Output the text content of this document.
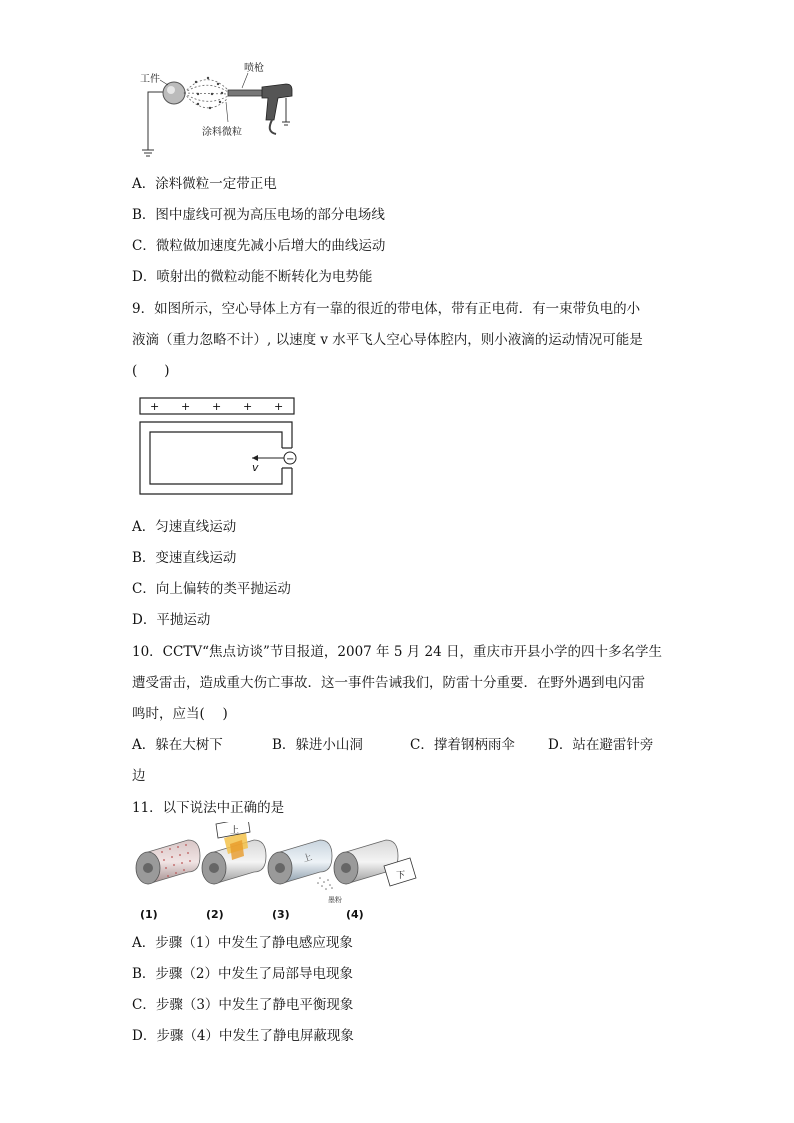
工件
喷枪
涂料微粒
A．涂料微粒一定带正电
B．图中虚线可视为高压电场的部分电场线
C．微粒做加速度先减小后增大的曲线运动
D．喷射出的微粒动能不断转化为电势能
9．如图所示，空心导体上方有一靠的很近的带电体，带有正电荷．有一束带负电的小
液滴（重力忽略不计）, 以速度 v 水平飞人空心导体腔内，则小液滴的运动情况可能是
(　　)
+ + + + +
−
v
A．匀速直线运动
B．变速直线运动
C．向上偏转的类平抛运动
D．平抛运动
10．CCTV“焦点访谈”节目报道，2007 年 5 月 24 日，重庆市开县小学的四十多名学生
遭受雷击，造成重大伤亡事故．这一事件告诫我们，防雷十分重要．在野外遇到电闪雷
鸣时，应当(　 )
A．躲在大树下	B．躲进小山洞	C．撑着钢柄雨伞 D．站在避雷针旁
边
11．以下说法中正确的是
上
上
墨粉
下
(1)	(2)	(3)	(4)
A．步骤（1）中发生了静电感应现象
B．步骤（2）中发生了局部导电现象
C．步骤（3）中发生了静电平衡现象
D．步骤（4）中发生了静电屏蔽现象
